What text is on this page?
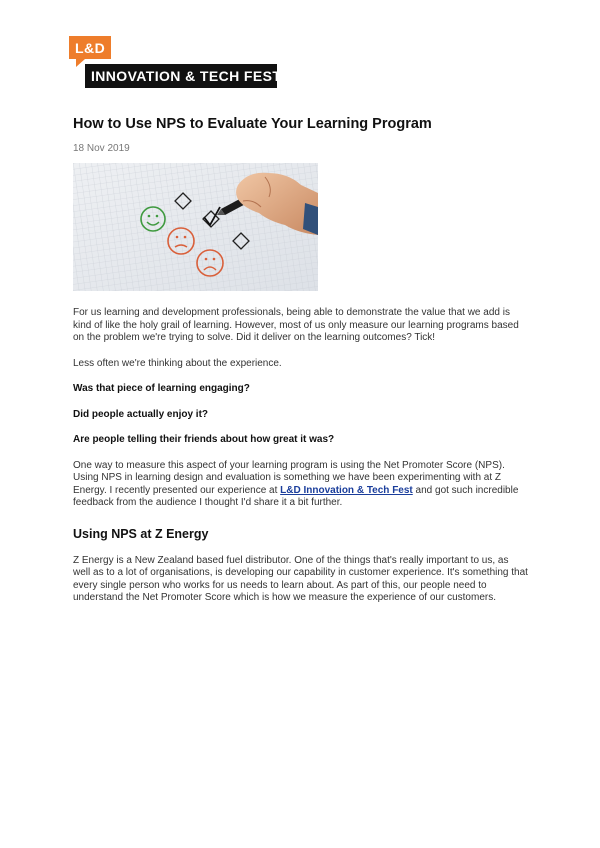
L&D
INNOVATION & TECH FEST
How to Use NPS to Evaluate Your Learning Program
18 Nov 2019

For us learning and development professionals, being able to demonstrate the value that we add is kind of like the holy grail of learning. However, most of us only measure our learning programs based on the problem we're trying to solve. Did it deliver on the learning outcomes? Tick!

Less often we're thinking about the experience.

Was that piece of learning engaging?

Did people actually enjoy it?

Are people telling their friends about how great it was?

One way to measure this aspect of your learning program is using the Net Promoter Score (NPS). Using NPS in learning design and evaluation is something we have been experimenting with at Z Energy. I recently presented our experience at L&D Innovation & Tech Fest and got such incredible feedback from the audience I thought I'd share it a bit further.

Using NPS at Z Energy

Z Energy is a New Zealand based fuel distributor. One of the things that's really important to us, as well as to a lot of organisations, is developing our capability in customer experience. It's something that every single person who works for us needs to learn about. As part of this, our people need to understand the Net Promoter Score which is how we measure the experience of our customers.
